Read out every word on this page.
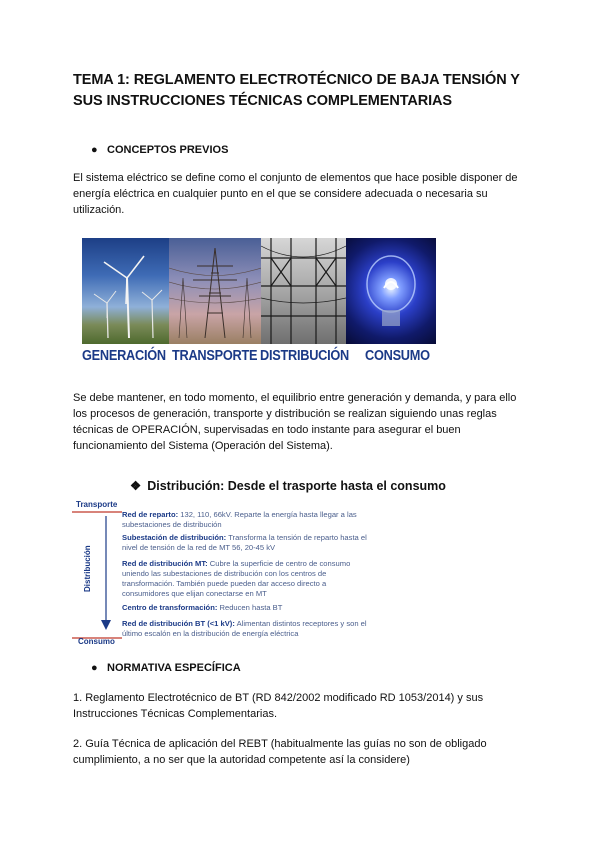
TEMA 1: REGLAMENTO ELECTROTÉCNICO DE BAJA TENSIÓN Y SUS INSTRUCCIONES TÉCNICAS COMPLEMENTARIAS
● CONCEPTOS PREVIOS
El sistema eléctrico se define como el conjunto de elementos que hace posible disponer de energía eléctrica en cualquier punto en el que se considere adecuada o necesaria su utilización.
GENERACIÓN TRANSPORTE DISTRIBUCIÓN CONSUMO
Se debe mantener, en todo momento, el equilibrio entre generación y demanda, y para ello los procesos de generación, transporte y distribución se realizan siguiendo unas reglas técnicas de OPERACIÓN, supervisadas en todo instante para asegurar el buen funcionamiento del Sistema (Operación del Sistema).
❖ Distribución: Desde el trasporte hasta el consumo
Transporte
Distribución
Consumo
Red de reparto: 132, 110, 66kV. Reparte la energía hasta llegar a las subestaciones de distribución
Subestación de distribución: Transforma la tensión de reparto hasta el nivel de tensión de la red de MT 56, 20-45 kV
Red de distribución MT: Cubre la superficie de centro de consumo uniendo las subestaciones de distribución con los centros de transformación. También puede pueden dar acceso directo a consumidores que elijan conectarse en MT
Centro de transformación: Reducen hasta BT
Red de distribución BT (<1 kV): Alimentan distintos receptores y son el último escalón en la distribución de energía eléctrica
● NORMATIVA ESPECÍFICA
1. Reglamento Electrotécnico de BT (RD 842/2002 modificado RD 1053/2014) y sus Instrucciones Técnicas Complementarias.
2. Guía Técnica de aplicación del REBT (habitualmente las guías no son de obligado cumplimiento, a no ser que la autoridad competente así la considere)
